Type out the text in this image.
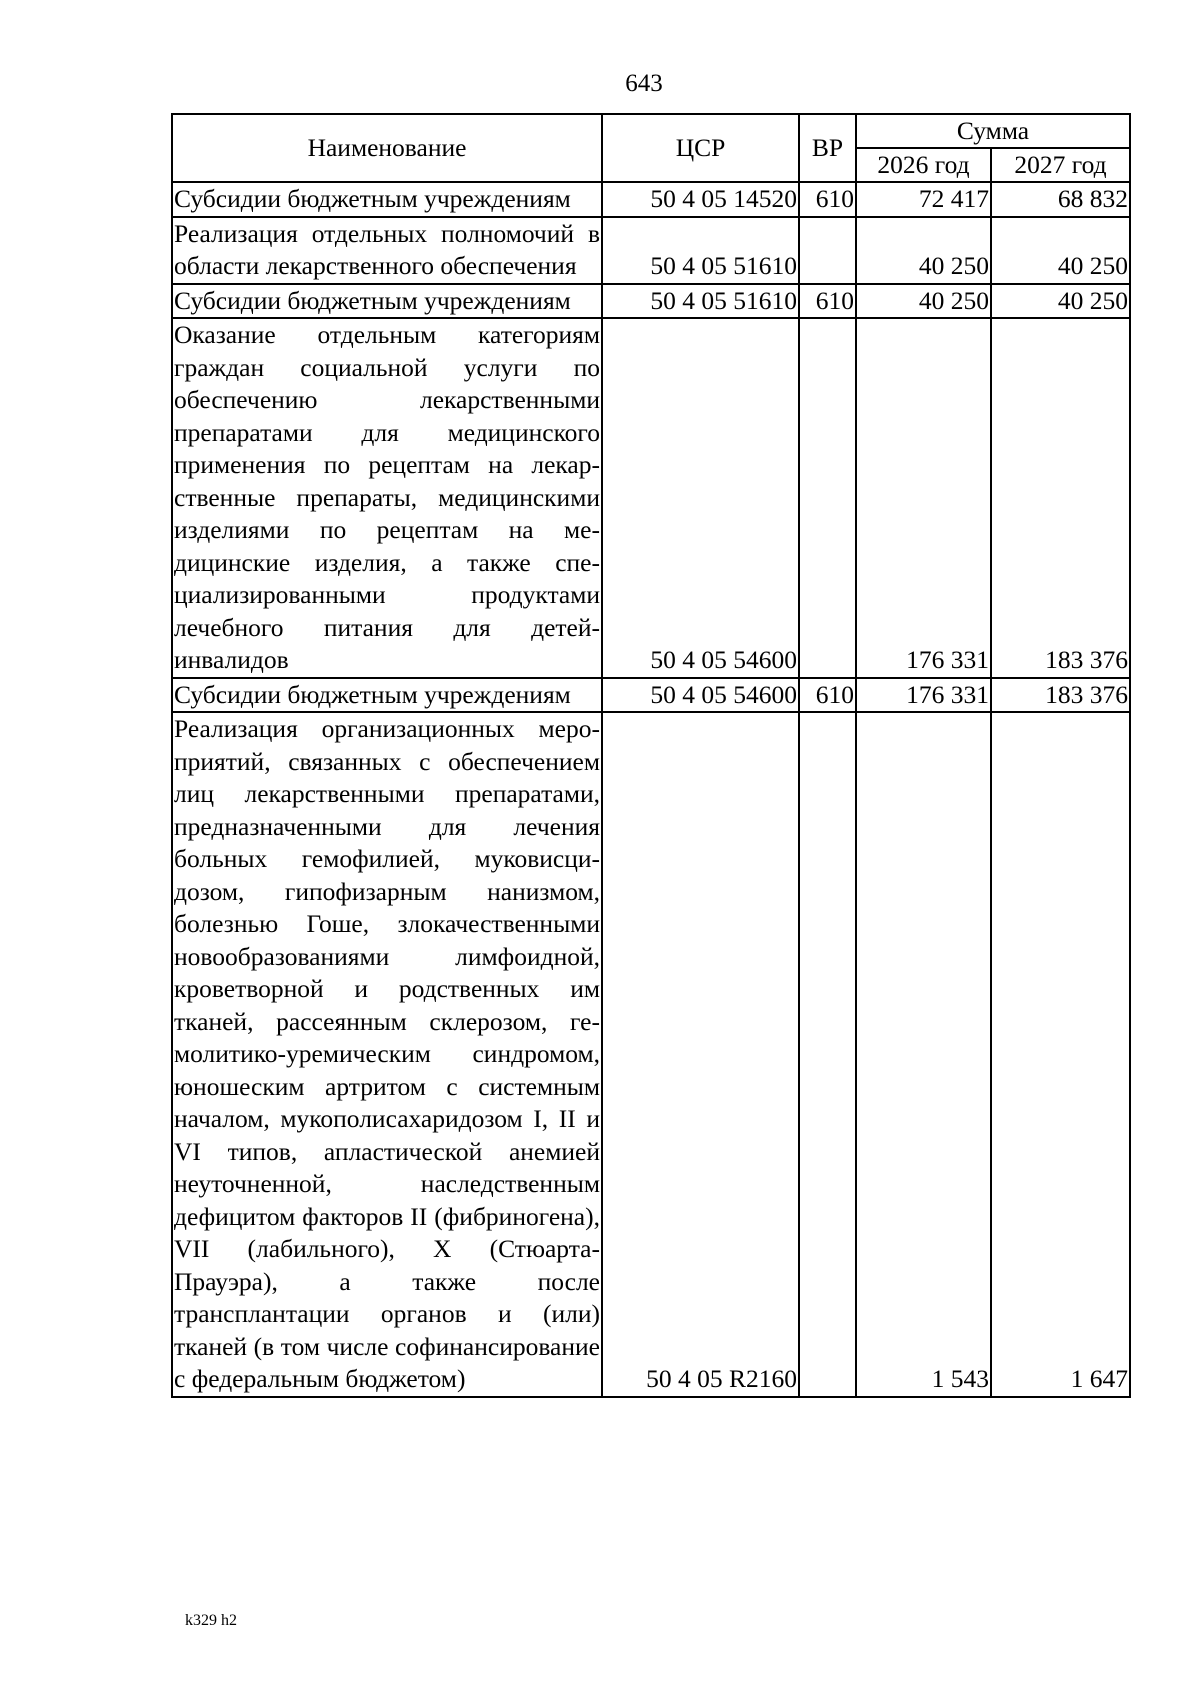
643
Наименование	ЦСР	ВР	Сумма	
			2026 год	2027 год
Субсидии бюджетным учреждениям	50 4 05 14520	610	72 417	68 832
Реализация отдельных полномочий в области лекарственного обеспечения	50 4 05 51610		40 250	40 250
Субсидии бюджетным учреждениям	50 4 05 51610	610	40 250	40 250
Оказание отдельным категориям граждан социальной услуги по обеспечению лекарственными препаратами для медицинского применения по рецептам на лекарственные препараты, медицинскими изделиями по рецептам на медицинские изделия, а также специализированными продуктами лечебного питания для детей-инвалидов	50 4 05 54600		176 331	183 376
Субсидии бюджетным учреждениям	50 4 05 54600	610	176 331	183 376
Реализация организационных мероприятий, связанных с обеспечением лиц лекарственными препаратами, предназначенными для лечения больных гемофилией, муковисцидозом, гипофизарным нанизмом, болезнью Гоше, злокачественными новообразованиями лимфоидной, кроветворной и родственных им тканей, рассеянным склерозом, гемолитико-уремическим синдромом, юношеским артритом с системным началом, мукополисахаридозом I, II и VI типов, апластической анемией неуточненной, наследственным дефицитом факторов II (фибриногена), VII (лабильного), X (Стюарта-Прауэра), а также после трансплантации органов и (или) тканей (в том числе софинансирование с федеральным бюджетом)	50 4 05 R2160		1 543	1 647
k329 h2
